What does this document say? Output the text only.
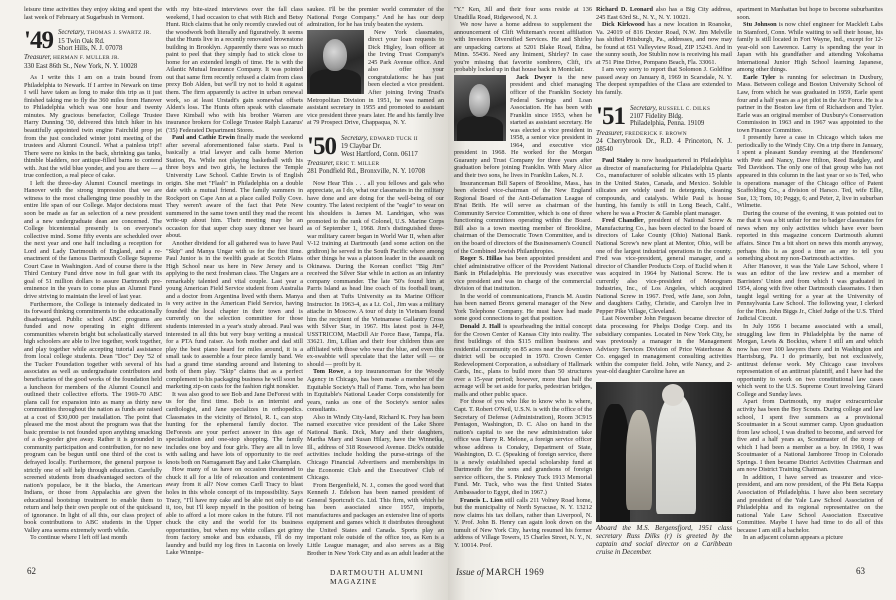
leisure time activities they enjoy skiing and spent the last week of February at Sugarbush in Vermont.

'49 Secretary, THOMAS J. SWARTZ JR.
15 Twin Oak Rd.
Short Hills, N. J. 07078
Treasurer, HERMAN F. MULLER JR.
330 East 86th St., New York, N. Y. 10028

As I write this I am on a train bound from Philadelphia to Newark. If I arrive in Newark on time I will have taken as long to make this trip as it just finished taking me to fly the 360 miles from Hanover to Philadelphia which was one hour and twenty minutes. My gracious benefactor, College Trustee Harry Dunning '30, delivered this hitch hiker in his beautifully appointed twin engine Fairchild prop jet from the just concluded winter joint meeting of the trustees and Alumni Council. What a painless trip!! There were no kinks in the back, shrinking gas tanks, thimble bladders, nor antique-filled barns to contend with. Just the wild blue yonder, and you are there — a true confection, a real piece of cake.

I left the three-day Alumni Council meetings in Hanover with the strong impression that we are witness to the most challenging time possibly in the entire life span of our College. Major decisions must soon be made as far as selection of a new president and a new undergraduate dean are concerned. The College bicentennial presently is on everyone's collective mind. Some fifty events are scheduled over the next year and one half including a reception for Lord and Lady Dartmouth of England, and a re-enactment of the famous Dartmouth College Supreme Court Case in Washington. And of course there is the Third Century Fund drive now in full gear with its goal of 51 million dollars to assure Dartmouth pre-eminence in the years to come plus an Alumni Fund drive striving to maintain the level of last year.

Furthermore, the College is intensely dedicated in its forward thinking commitments to the educationally disadvantaged. Public school ABC programs are funded and now operating in eight different communities wherein bright but scholastically starved high schoolers are able to live together, work together, and play together while accepting tutorial assistance from local college students. Dean "Doc" Dey '52 of the Tucker Foundation together with several of his associates as well as undergraduate contributors and beneficiaries of the good works of the foundation held a luncheon for members of the Alumni Council and outlined their collective efforts. The 1969-70 ABC plans call for expansion into as many as thirty new communities throughout the nation as funds are raised at a cost of $30,000 per installation. The point that pleased me the most about the program was that the basic premise is not founded upon anything smacking of a do-gooder give away. Rather it is grounded in community participation and contribution, for no new program can be begun until one third of the cost is defrayed locally. Furthermore, the general purpose is strictly one of self help through education. Carefully screened students from disadvantaged sectors of the nation's populace, be it the blacks, the American Indians, or those from Appalachia are given the educational bootstrap treatment to enable them to return and help their own people out of the quicksand of ignorance. In light of all this, our class project of book contributions to ABC students in the Upper Valley area seems extremely worth while.

To continue where I left off last month

with my bite-sized interviews over the fall class weekend, I had occasion to chat with Rich and Betsy Hunt. Rich claims that he only recently crawled out of the woodwork both literally and figuratively. It seems that the Hunts live in a recently renovated brownstone building in Brooklyn. Apparently there was so much paint to peel that they simply had to stick close to home for an extended length of time. He is with the Atlantic Mutual Insurance Company. It was pointed out that same firm recently refused a claim from class prexy Bob Alden, but we'll try not to hold it against them. The firm apparently is active in urban renewal work, so at least Urstadt's gain somewhat offsets Alden's loss. The Hunts often speak with classmate Dave Kimball who with his brother Warren are insurance brokers for College Trustee Ralph Lazarus' ('35) Federated Department Stores.

Paul and Cathie Erwin finally made the weekend after several aforementioned false starts. Paul is basically a trial lawyer and calls home Merion Station, Pa. While not playing basketball with his three boys and two girls, he lectures the Temple University Law School. Cathie Erwin is of English origin. She met "Flash" in Philadelphia on a double date with a mutual friend. The family summers in Rockport on Cape Ann at a place called Folly Cove. They weren't aware of the fact that Pete New summered in the same town until they read the recent write-up about him. Their meeting may be an occasion for that super chop suey dinner we heard about.

Another dividend for all gathered was to have Paul "Skip" and Manya Ungar with us for the first time. Paul Junior is in the twelfth grade at Scotch Plains High School near us here in New Jersey and is applying to the next freshman class. The Ungars are a remarkably talented and vital couple. Last year a young American Field Service student from Australia and a doctor from Argentina lived with them. Manya is very active in the American Field Service, having founded the local chapter in their town and is currently on the selection committee for those students interested in a year's study abroad. Paul was interested in all this but very busy writing a musical for a PTA fund raiser. As both mother and dad still play the best piano heard for miles around, it is a small task to assemble a four piece family band. We had a grand time standing around and listening to both of them play. "Skip" claims that as a perfect complement to his packaging business he will soon be marketing zip-on casts for the fashion right nonskier.

It was also good to see Bob and Jane DeForest with us for the first time. Bob is an internist and cardiologist, and Jane specializes in orthopedics. Classmates in the vicinity of Bristol, R. I., can stop hunting for the ephemeral family doctor. The DeForests are your perfect answer in this age of specialization and one-stop shopping. The family includes one boy and four girls. They are all in love with sailing and have lots of opportunity to tie reef knots both on Narragansett Bay and Lake Champlain.

How many of us have on occasion threatened to chuck it all for a life of relaxation and contentment away from it all? Now comes Carll Tracy to blast holes in this whole concept of its impossibility. Says Tracy, "I'll have my cake and be able not only to eat it, too, but I'll keep myself in the position of being able to afford a lot more cakes in the future. I'll not chuck the city and the world for its business opportunities, but when my white collars get grimy from factory smoke and bus exhausts, I'll do my laundry and build my log fires in Laconia on lovely Lake Winnipe-

saukee. I'll be the premier world commuter of the National Forge Company." And he has our deep admiration, for he has truly beaten the system.

New York classmates, direct your loan requests to Dick Higley, loan officer at the Irving Trust Company's 245 Park Avenue office. And also offer your congratulations: he has just been elected a vice president. After joining Irving Trust's Metropolitan Division in 1951, he was named an assistant secretary in 1955 and promoted to assistant vice president three years later. He and his family live at 79 Prospect Drive, Chappaqua, N. Y.

'50 Secretary, EDWARD TUCK II
19 Claybar Dr.
West Hartford, Conn. 06117
Treasurer, ERIC T. MILLER
281 Pondfield Rd., Bronxville, N. Y. 10708

Now Hear This . . . all you fellows and gals who appreciate, as I do, what our classmates in the military have done and are doing for the well-being of our country. The latest recipient of the "eagle" to wear on his shoulders is James M. Landrigan, who was promoted to the rank of Colonel, U.S. Marine Corps as of September 1, 1968. Jim's distinguished three-war military career began in World War II, when after V-12 training at Dartmouth (and some action on the gridiron) he served in the South Pacific where among other things he was a platoon leader in the assault on Okinawa. During the Korean conflict "Big Jim" received the Silver Star while in action as an infantry company commander. The late '50's found him at Parris Island as head line coach of its football team, and then at Tufts University as its Marine Officer Instructor. In 1963-4, as a Lt. Col., Jim was a military attache in Moscow. A tour of duty in Vietnam found him the recipient of the Vietnamese Gallantry Cross with Silver Star, in 1967. His latest post is J4-P, USSTRICOM, MacDill Air Force Base, Tampa, Fla. 33621. Jim, Lillian and their four children thus are affiliated with those who wear the blue, and even this ex-swabbie will speculate that the latter will — or should — profit by it.

Tom Rowe, a top insuranceman for the Woody Agency in Chicago, has been made a member of the Equitable Society's Hall of Fame. Tom, who has been in Equitable's National Leader Corps consistently for years, ranks as one of the Society's senior sales consultants.

Also in Windy City-land, Richard K. Frey has been named executive vice president of the Lake Shore National Bank. Dick, Mary and their daughters, Martha Mary and Susan Hilary, have the Winnetka, Ill., address of 318 Rosewood Avenue. Dick's outside activities include holding the purse-strings of the Chicago Financial Advertisers and memberships in the Economic Club and the Executives' Club of Chicago.

From Bergenfield, N. J., comes the good word that Kenneth J. Edelson has been named president of General Sportcraft Co. Ltd. This firm, with which he has been associated since 1957, imports, manufactures and packages an extensive line of sports equipment and games which it distributes throughout the United States and Canada. Sports play an important role outside of the office too, as Ken is a Little League manager, and also serves as a Big Brother in New York City and as an adult leader at the

62	DARTMOUTH ALUMNI MAGAZINE

"Y." Ken, Jill and their four sons reside at 136 Unadilla Road, Ridgewood, N. J.

We now have a home address to supplement the announcement of Clift Whiteman's recent affiliation with Investors Diversified Services. He and Shirley are unpacking cartons at 5201 Blake Road, Edina, Minn. 55436. Need any liniment, Shirley? In case you're missing that favorite sombrero, Clift, it's probably locked up in that house back in Montclair.

Jack Dwyer is the new president and chief managing officer of the Franklin Society Federal Savings and Loan Association. He has been with Franklin since 1953, when he started as assistant secretary. He was elected a vice president in 1958, a senior vice president in 1964, and executive vice president in 1968. He worked for the Morgan Guaranty and Trust Company for three years after graduation before joining Franklin. With Mary Alice and their two sons, he lives in Franklin Lakes, N. J.

Insuranceman Bill Sapers of Brookline, Mass., has been elected vice-chairman of the New England Regional Board of the Anti-Defamation League of B'nai Brith. He will serve as chairman of the Community Service Committee, which is one of three functioning committees operating within the Board. Bill also is a town meeting member of Brookline, chairman of the Democratic Town Committee, and is on the board of directors of the Businessmen's Council of the Combined Jewish Philanthropies.

Roger S. Hillas has been appointed president and chief administrative officer of the Provident National Bank in Philadelphia. He previously was executive vice president and was in charge of the commercial division of that institution.

In the world of communications, Francis M. Austin has been named Bronx general manager of the New York Telephone Company. He must have had made some good connections to get that position.

Donald J. Hall is spearheading the initial concept for the Crown Center of Kansas City into reality. The first buildings of this $115 million business and residential community on 85 acres near the downtown district will be occupied in 1970. Crown Center Redevelopment Corporation, a subsidiary of Hallmark Cards, Inc., plans to build more than 50 structures over a 15-year period; however, more than half the acreage will be set aside for parks, pedestrian bridges, malls and other public space.

For those of you who like to know who is where, Capt. T. Robert O'Neil, U.S.N. is with the office of the Secretary of Defense (Administration), Room 3C915 Pentagon, Washington, D. C. Also on hand in the nation's capital to see the new administration take office was Harry R. Melone, a foreign service officer whose address is Conakry, Department of State, Washington, D. C. (Speaking of foreign service, there is a newly established special scholarship fund at Dartmouth for the sons and grandsons of foreign service officers, the S. Pinkney Tuck 1913 Memorial Fund. Mr. Tuck, who was the first United States Ambassador to Egypt, died in 1967.)

Francis L. Lion still calls 211 Volney Road home, but the municipality of North Syracuse, N. Y. 13212 now claims his tax dollars, rather than Liverpool, N. Y. Prof. John B. Henry can again look down on the tumult of New York City, having resumed his former address of Village Towers, 15 Charles Street, N. Y., N. Y. 10014. Prof.

Richard D. Leonard also has a Big City address, 245 East 63rd St., N. Y., N. Y. 10021.

Dick Kirkwood has a new location in Roanoke, Va. 24019 of 816 Dexter Road, N.W. Jim Melville has shifted Pittsburgh, Pa., addresses, and now may be found at 651 Valleyview Road, ZIP 15243. And in the sunny south, Joe Stublin now is receiving his mail at 751 Pine Drive, Pompano Beach, Fla. 33061.

I am very sorry to report that Solomon J. Goldfine passed away on January 8, 1969 in Scarsdale, N. Y. The deepest sympathies of the Class are extended to his family.

'51 Secretary, RUSSELL C. DILKS
2107 Fidelity Bldg.
Philadelphia, Penna. 19109
Treasurer, FREDERICK F. BROWN
24 Cherrybrook Dr., R.D. 4 Princeton, N. J. 08540

Paul Staley is now headquartered in Philadelphia as director of manufacturing for Philadelphia Quartz Co., manufacturer of soluble silicates with 15 plants in the United States, Canada, and Mexico. Soluble silicates are widely used in detergents, cleaning compounds, and catalysts. While Paul is house hunting, his family is still in Long Beach, Calif., where he was a Procter & Gamble plant manager.

Fred Chandler, president of National Screw & Manufacturing Co., has been elected to the board of directors of Lake County (Ohio) National Bank. National Screw's new plant at Mentor, Ohio, will be one of the largest industrial operations in the county. Fred was vice-president, general manager, and a director of Chandler Products Corp. of Euclid when it was acquired in 1964 by National Screw. He is currently also vice-president of Monogram Industries, Inc., of Los Angeles, which acquired National Screw in 1967. Fred, wife Jane, son John, and daughters Cathy, Christie, and Carolyn live in Pepper Pike Village, Cleveland.

Last November John Ferguson became director of data processing for Phelps Dodge Corp. and its subsidiary companies. Located in New York City, he was previously a manager in the Management Advisory Services Division of Price Waterhouse & Co. engaged in management consulting activities within the computer field. John, wife Nancy, and 2-year-old daughter Caroline have an

Aboard the M.S. Bergensfjord, 1951 class secretary Russ Dilks (r) is greeted by the captain and social director on a Caribbean cruise in December.

apartment in Manhattan but hope to become suburbanites soon.

Stu Johnson is now chief engineer for Mackleft Labs in Stamford, Conn. While waiting to sell their house, his family is still located in Fort Wayne, Ind., except for 12-year-old son Lawrence. Larry is spending the year in Japan with his grandfather and attending Yokohama International Junior High School learning Japanese, among other things.

Earle Tyler is running for selectman in Duxbury, Mass. Between college and Boston University School of Law, from which he was graduated in 1959, Earle spent four and a half years as a jet pilot in the Air Force. He is a partner in the Boston law firm of Richardson and Tyler. Earle was an original member of Duxbury's Conservation Commission in 1963 and in 1967 was appointed to the town Finance Committee.

I presently have a case in Chicago which takes me periodically to the Windy City. On a trip there in January, I spent a pleasant Sunday evening at the Hendersons' with Pete and Nancy, Dave Hilton, Reed Badgley, and Ted Davidson. The only one of that group who has not appeared in this column in the last year or so is Ted, who is operations manager of the Chicago office of Patent Scaffolding Co., a division of Harsco. Ted, wife Ellie, Sue, 13; Tom, 10; Peggy, 6; and Peter, 2, live in suburban Wilmette.

During the course of the evening, it was pointed out to me that it was a bit unfair for me to badger classmates for news when my only activities which have ever been reported in this magazine concern Dartmouth alumni affairs. Since I'm a bit short on news this month anyway, perhaps this is as good a time as any to tell you something about my non-Dartmouth activities.

After Hanover, it was the Yale Law School, where I was an editor of the law review and a member of Barristers' Union and from which I was graduated in 1954, along with five other Dartmouth classmates. I then taught legal writing for a year at the University of Pennsylvania Law School. The following year, I clerked for the Hon. John Biggs Jr., Chief Judge of the U.S. Third Judicial Circuit.

In July 1956 I became associated with a small, struggling law firm in Philadelphia by the name of Morgan, Lewis & Bockius, where I still am and which now has over 100 lawyers there and in Washington and Harrisburg, Pa. I do primarily, but not exclusively, antitrust defense work. My Chicago case involves representation of an antitrust plaintiff, and I have had the opportunity to work on two constitutional law cases which went to the U.S. Supreme Court involving Girard College and Sunday laws.

Apart from Dartmouth, my major extracurricular activity has been the Boy Scouts. During college and law school, I spent five summers as a provisional Scoutmaster in a Scout summer camp. Upon graduation from law school, I was drafted to become, and served for five and a half years as, Scoutmaster of the troop of which I had been a member as a boy. In 1960, I was Scoutmaster of a National Jamboree Troop in Colorado Springs. I then became District Activities Chairman and am now District Training Chairman.

In addition, I have served as treasurer and vice-president, and am now president, of the Phi Beta Kappa Association of Philadelphia. I have also been secretary and president of the Yale Law School Association of Philadelphia and its regional representative on the national Yale Law School Association Executive Committee. Maybe I have had time to do all of this because I am still a bachelor.

In an adjacent column appears a picture

Issue of MARCH 1969	63
